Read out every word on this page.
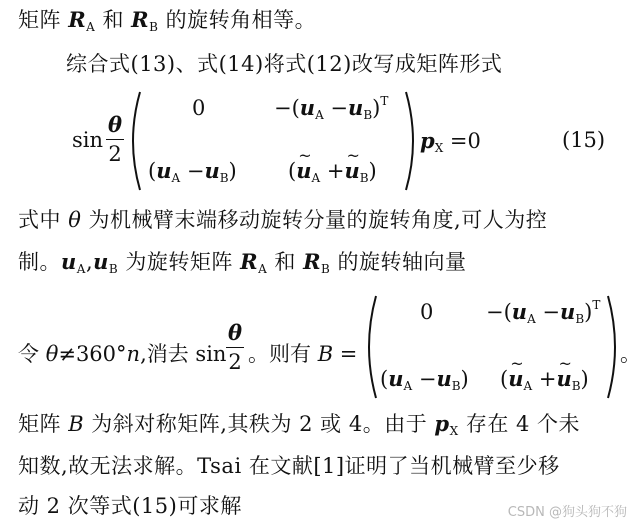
矩阵 $R_A$ 和 $R_B$ 的旋转角相等。
综合式(13)、式(14)将式(12)改写成矩阵形式
sin
θ
2
0	$-(u_A -u_B)^T$
$(u_A -u_B)$ (~ $u_A$ +~ $u_B$)
$p_X =0$	(15)
式中 θ 为机械臂末端移动旋转分量的旋转角度,可人为控
制。$u_A,u_B$ 为旋转矩阵 $R_A$ 和 $R_B$ 的旋转轴向量
令 θ≠360°n,消去 sin
θ
2 。则有 B =
0	$-(u_A -u_B)^T$
$(u_A -u_B)$ (~ $u_A$ +~ $u_B$)
。
矩阵 B 为斜对称矩阵,其秩为 2 或 4。由于 $p_X$ 存在 4 个未
知数,故无法求解。Tsai 在文献[1]证明了当机械臂至少移
动 2 次等式(15)可求解	CSDN @狗头狗不狗
